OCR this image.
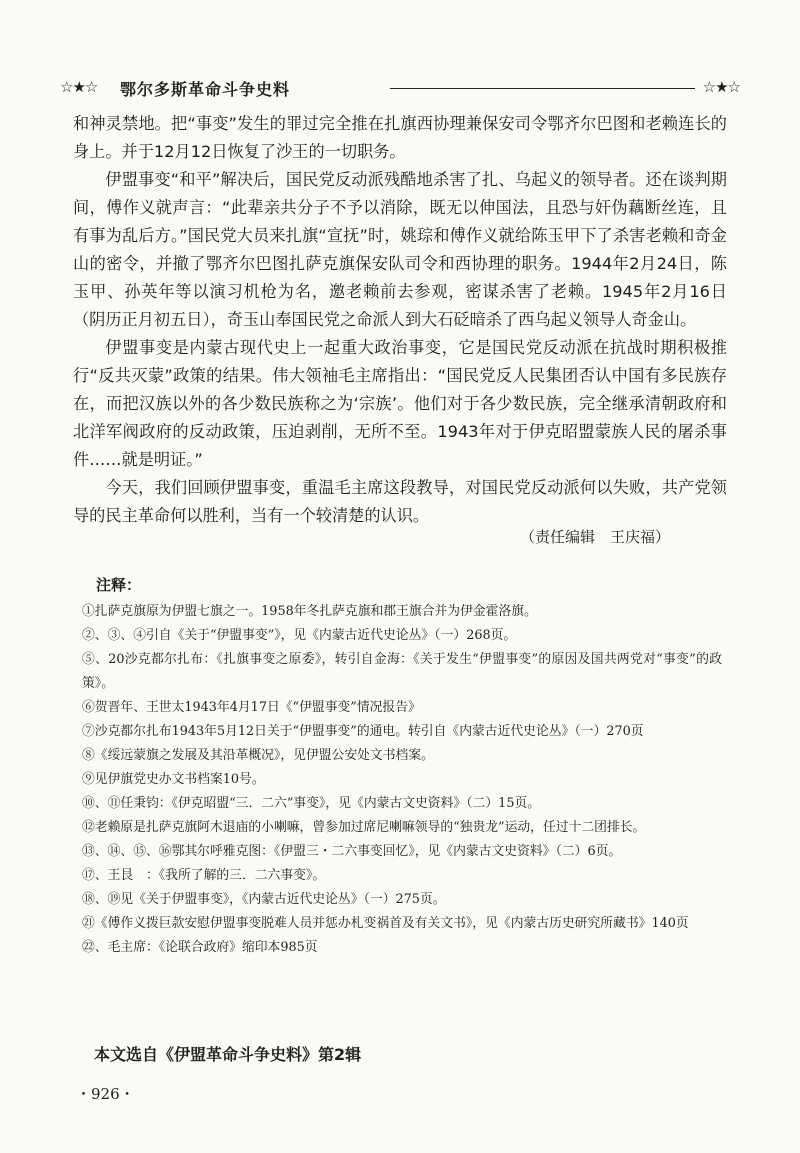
☆★☆ 鄂尔多斯革命斗争史料	☆★☆

和神灵禁地。把“事变”发生的罪过完全推在扎旗西协理兼保安司令鄂齐尔巴图和老赖连长的身上。并于12月12日恢复了沙王的一切职务。

伊盟事变“和平”解决后，国民党反动派残酷地杀害了扎、乌起义的领导者。还在谈判期间，傅作义就声言：“此辈亲共分子不予以消除，既无以伸国法，且恐与奸伪藕断丝连，且有事为乱后方。”国民党大员来扎旗“宣抚”时，姚琮和傅作义就给陈玉甲下了杀害老赖和奇金山的密令，并撤了鄂齐尔巴图扎萨克旗保安队司令和西协理的职务。1944年2月24日，陈玉甲、孙英年等以演习机枪为名，邀老赖前去参观，密谋杀害了老赖。1945年2月16日（阴历正月初五日），奇玉山奉国民党之命派人到大石砭暗杀了西乌起义领导人奇金山。

伊盟事变是内蒙古现代史上一起重大政治事变，它是国民党反动派在抗战时期积极推行“反共灭蒙”政策的结果。伟大领袖毛主席指出：“国民党反人民集团否认中国有多民族存在，而把汉族以外的各少数民族称之为‘宗族’。他们对于各少数民族，完全继承清朝政府和北洋军阀政府的反动政策，压迫剥削，无所不至。1943年对于伊克昭盟蒙族人民的屠杀事件……就是明证。”

今天，我们回顾伊盟事变，重温毛主席这段教导，对国民党反动派何以失败，共产党领导的民主革命何以胜利，当有一个较清楚的认识。

（责任编辑　王庆福）
注释：
①扎萨克旗原为伊盟七旗之一。1958年冬扎萨克旗和郡王旗合并为伊金霍洛旗。
②、③、④引自《关于“伊盟事变”》，见《内蒙古近代史论丛》（一）268页。
⑤、20沙克都尔扎布：《扎旗事变之原委》，转引自金海：《关于发生“伊盟事变”的原因及国共两党对“事变”的政策》。
⑥贺晋年、王世太1943年4月17日《“伊盟事变”情况报告》
⑦沙克都尔扎布1943年5月12日关于“伊盟事变”的通电。转引自《内蒙古近代史论丛》（一）270页
⑧《绥远蒙旗之发展及其沿革概况》，见伊盟公安处文书档案。
⑨见伊旗党史办文书档案10号。
⑩、⑪任秉钧：《伊克昭盟“三．二六”事变》，见《内蒙古文史资料》（二）15页。
⑫老赖原是扎萨克旗阿木退庙的小喇嘛，曾参加过席尼喇嘛领导的“独贵龙”运动，任过十二团排长。
⑬、⑭、⑮、⑯鄂其尔呼雅克图：《伊盟三・二六事变回忆》，见《内蒙古文史资料》（二）6页。
⑰、王艮　：《我所了解的三．二六事变》。
⑱、⑲见《关于伊盟事变》，《内蒙古近代史论丛》（一）275页。
㉑《傅作义拨巨款安慰伊盟事变脱难人员并惩办札变祸首及有关文书》，见《内蒙古历史研究所藏书》140页
㉒、毛主席：《论联合政府》缩印本985页
本文选自《伊盟革命斗争史料》第2辑
・926・
